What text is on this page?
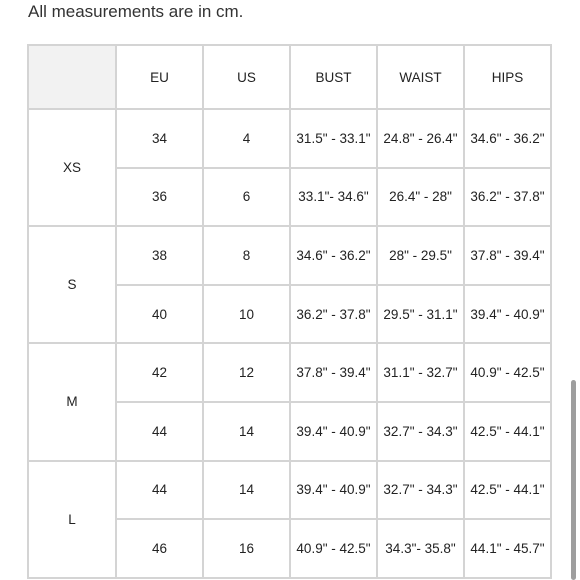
All measurements are in cm.
	EU	US	BUST	WAIST	HIPS
XS	34	4	31.5" - 33.1"	24.8" - 26.4"	34.6" - 36.2"
	36	6	33.1"- 34.6"	26.4" - 28"	36.2" - 37.8"
S	38	8	34.6" - 36.2"	28" - 29.5"	37.8" - 39.4"
	40	10	36.2" - 37.8"	29.5" - 31.1"	39.4" - 40.9"
M	42	12	37.8" - 39.4"	31.1" - 32.7"	40.9" - 42.5"
	44	14	39.4" - 40.9"	32.7" - 34.3"	42.5" - 44.1"
L	44	14	39.4" - 40.9"	32.7" - 34.3"	42.5" - 44.1"
	46	16	40.9" - 42.5"	34.3"- 35.8"	44.1" - 45.7"
